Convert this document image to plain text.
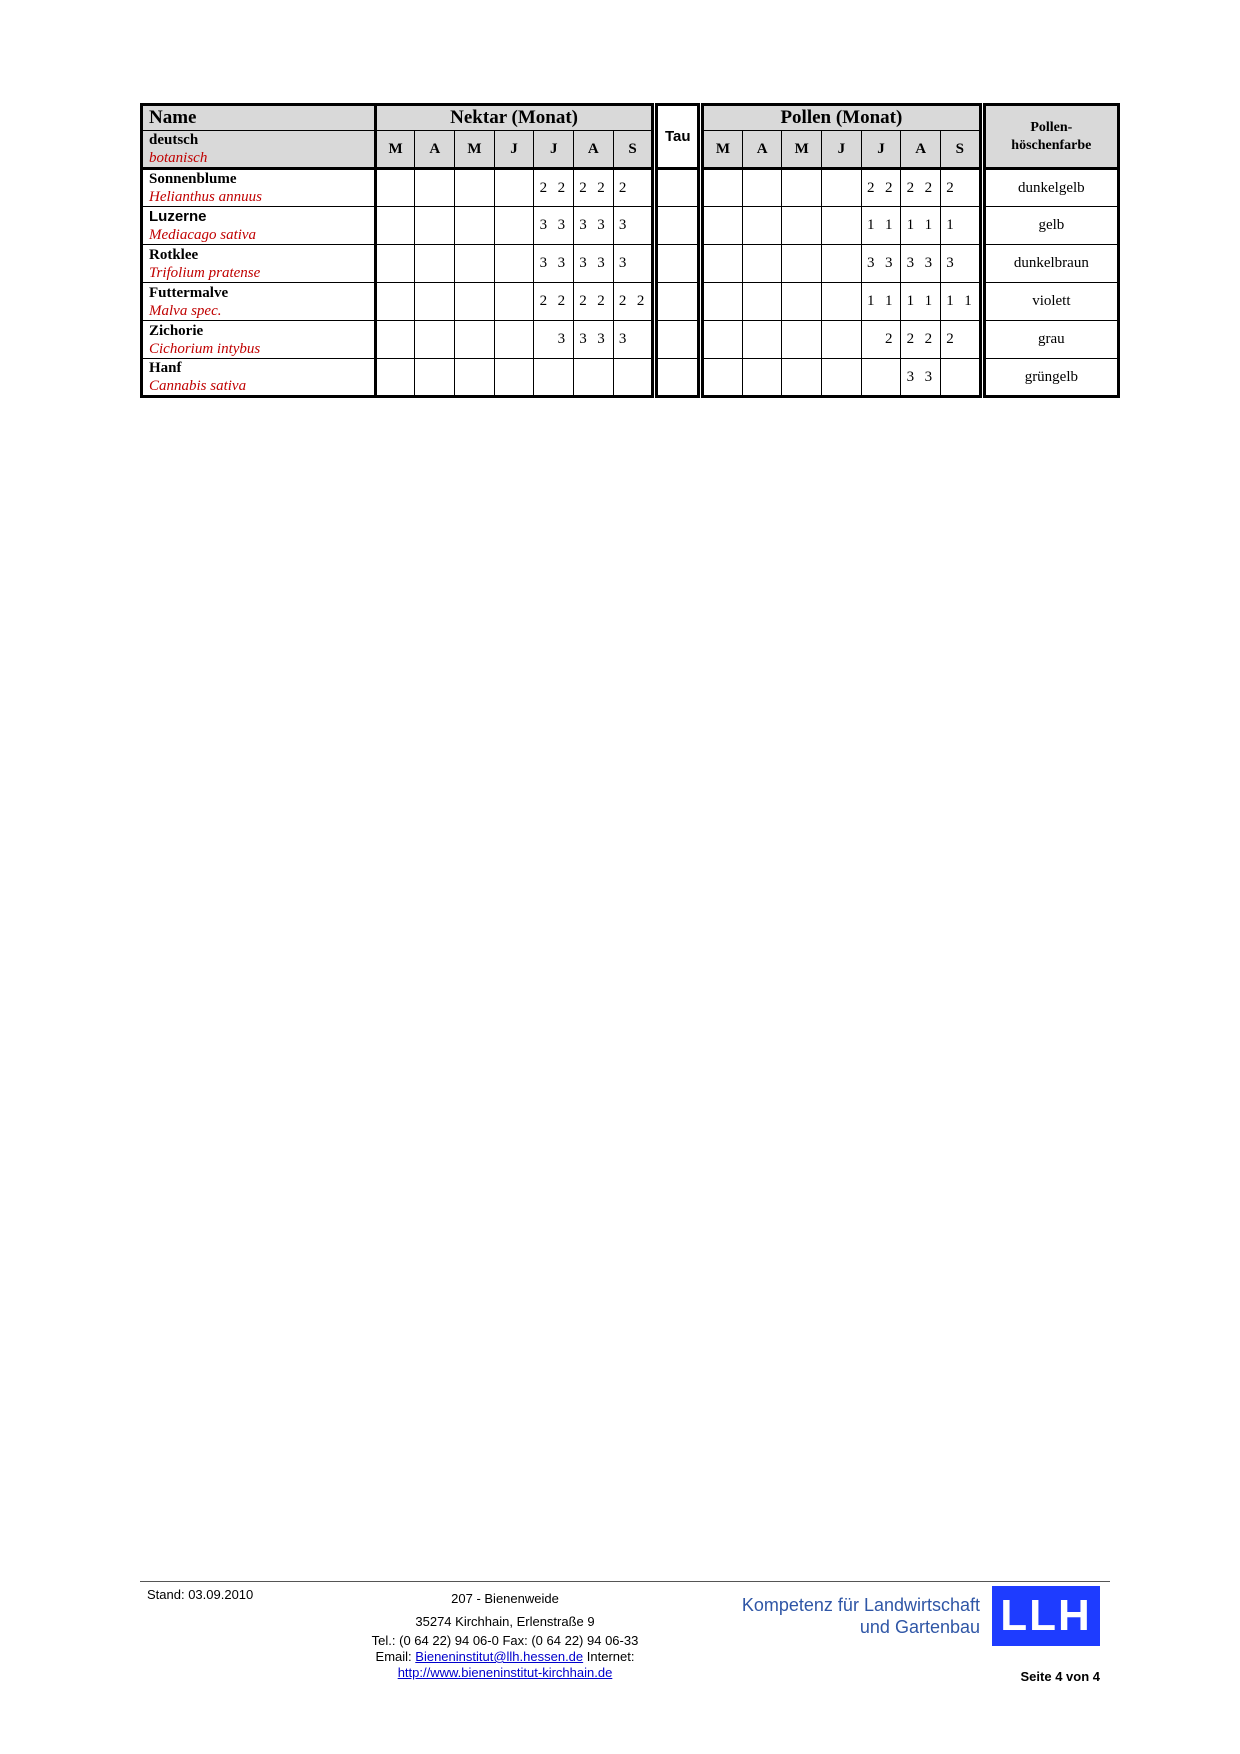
Name	Nektar (Monat)								Tau		Pollen (Monat)								Pollen-
höschenfarbe

deutsch
botanisch	M	A	M	J	J	A	S				M	A	M	J	J	A	S		

Sonnenblume
Helianthus annuus					2 2	2 2	2								2 2	2 2	2		dunkelgelb

Luzerne
Mediacago sativa					3 3	3 3	3								1 1	1 1	1		gelb

Rotklee
Trifolium pratense					3 3	3 3	3								3 3	3 3	3		dunkelbraun

Futtermalve
Malva spec.					2 2	2 2	2 2								1 1	1 1	1 1		violett

Zichorie
Cichorium intybus					3	3 3	3								2	2 2	2		grau

Hanf
Cannabis sativa																3 3			grüngelb
Stand: 03.09.2010	207 - Bienenweide
35274 Kirchhain, Erlenstraße 9
Tel.: (0 64 22) 94 06-0 Fax: (0 64 22) 94 06-33
Email: Bieneninstitut@llh.hessen.de Internet:
http://www.bieneninstitut-kirchhain.de
Kompetenz für Landwirtschaft
und Gartenbau LLH
Seite 4 von 4
